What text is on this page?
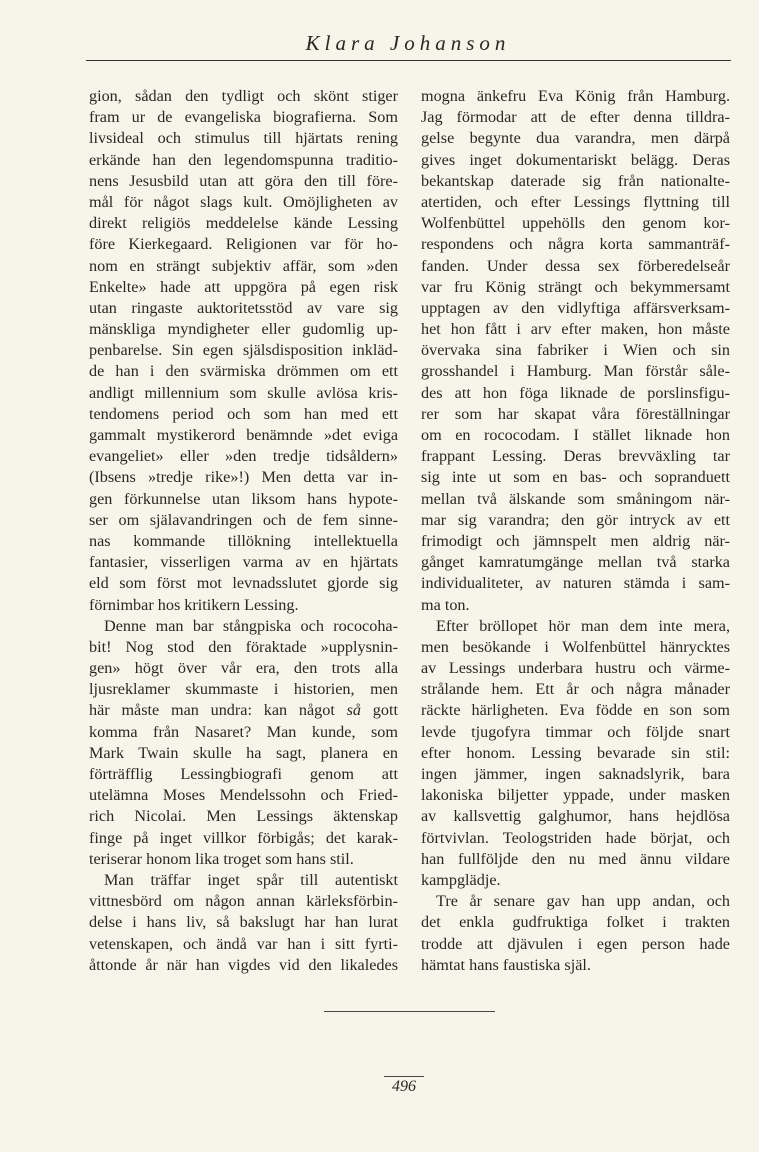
Klara Johanson
gion, sådan den tydligt och skönt stiger
fram ur de evangeliska biografierna. Som
livsideal och stimulus till hjärtats rening
erkände han den legendomspunna traditio-
nens Jesusbild utan att göra den till före-
mål för något slags kult. Omöjligheten av
direkt religiös meddelelse kände Lessing
före Kierkegaard. Religionen var för ho-
nom en strängt subjektiv affär, som »den
Enkelte» hade att uppgöra på egen risk
utan ringaste auktoritetsstöd av vare sig
mänskliga myndigheter eller gudomlig up-
penbarelse. Sin egen själsdisposition inkläd-
de han i den svärmiska drömmen om ett
andligt millennium som skulle avlösa kris-
tendomens period och som han med ett
gammalt mystikerord benämnde »det eviga
evangeliet» eller »den tredje tidsåldern»
(Ibsens »tredje rike»!) Men detta var in-
gen förkunnelse utan liksom hans hypote-
ser om själavandringen och de fem sinne-
nas kommande tillökning intellektuella
fantasier, visserligen varma av en hjärtats
eld som först mot levnadsslutet gjorde sig
förnimbar hos kritikern Lessing.
Denne man bar stångpiska och rococoha-
bit! Nog stod den föraktade »upplysnin-
gen» högt över vår era, den trots alla
ljusreklamer skummaste i historien, men
här måste man undra: kan något så gott
komma från Nasaret? Man kunde, som
Mark Twain skulle ha sagt, planera en
förträfflig Lessingbiografi genom att
utelämna Moses Mendelssohn och Fried-
rich Nicolai. Men Lessings äktenskap
finge på inget villkor förbigås; det karak-
teriserar honom lika troget som hans stil.
Man träffar inget spår till autentiskt
vittnesbörd om någon annan kärleksförbin-
delse i hans liv, så bakslugt har han lurat
vetenskapen, och ändå var han i sitt fyrti-
åttonde år när han vigdes vid den likaledes
mogna änkefru Eva König från Hamburg.
Jag förmodar att de efter denna tilldra-
gelse begynte dua varandra, men därpå
gives inget dokumentariskt belägg. Deras
bekantskap daterade sig från nationalte-
atertiden, och efter Lessings flyttning till
Wolfenbüttel uppehölls den genom kor-
respondens och några korta sammanträf-
fanden. Under dessa sex förberedelseår
var fru König strängt och bekymmersamt
upptagen av den vidlyftiga affärsverksam-
het hon fått i arv efter maken, hon måste
övervaka sina fabriker i Wien och sin
grosshandel i Hamburg. Man förstår såle-
des att hon föga liknade de porslinsfigu-
rer som har skapat våra föreställningar
om en rococodam. I stället liknade hon
frappant Lessing. Deras brevväxling tar
sig inte ut som en bas- och sopranduett
mellan två älskande som småningom när-
mar sig varandra; den gör intryck av ett
frimodigt och jämnspelt men aldrig när-
gånget kamratumgänge mellan två starka
individualiteter, av naturen stämda i sam-
ma ton.
Efter bröllopet hör man dem inte mera,
men besökande i Wolfenbüttel hänrycktes
av Lessings underbara hustru och värme-
strålande hem. Ett år och några månader
räckte härligheten. Eva födde en son som
levde tjugofyra timmar och följde snart
efter honom. Lessing bevarade sin stil:
ingen jämmer, ingen saknadslyrik, bara
lakoniska biljetter yppade, under masken
av kallsvettig galghumor, hans hejdlösa
förtvivlan. Teologstriden hade börjat, och
han fullföljde den nu med ännu vildare
kampglädje.
Tre år senare gav han upp andan, och
det enkla gudfruktiga folket i trakten
trodde att djävulen i egen person hade
hämtat hans faustiska själ.
496
